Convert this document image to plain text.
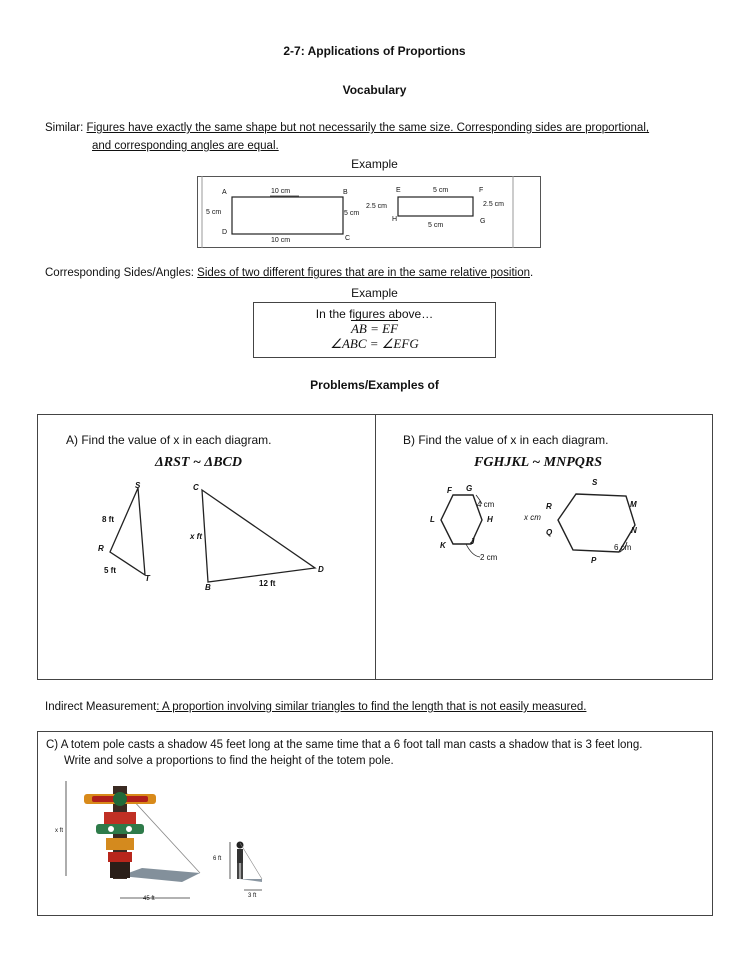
2-7: Applications of Proportions
Vocabulary
Similar: Figures have exactly the same shape but not necessarily the same size. Corresponding sides are proportional,
and corresponding angles are equal.
Example
A	B
C
D
E	F
G
H
10 cm
5 cm	5 cm
10 cm
5 cm
2.5 cm	2.5 cm
5 cm
Corresponding Sides/Angles: Sides of two different figures that are in the same relative position.
Example
In the figures above…
AB = EF
∠ABC = ∠EFG
Problems/Examples of
A) Find the value of x in each diagram.
ΔRST ~ ΔBCD
S
R
T
C
B
D
8 ft
5 ft
x ft
12 ft
B) Find the value of x in each diagram.
FGHJKL ~ MNPQRS
F G
H
J
K
L
S
M
N
P
Q
R
4 cm
2 cm
x cm
6 cm
Indirect Measurement: A proportion involving similar triangles to find the length that is not easily measured.
C) A totem pole casts a shadow 45 feet long at the same time that a 6 foot tall man casts a shadow that is 3 feet long.
Write and solve a proportions to find the height of the totem pole.
x ft
45 ft
6 ft
3 ft
